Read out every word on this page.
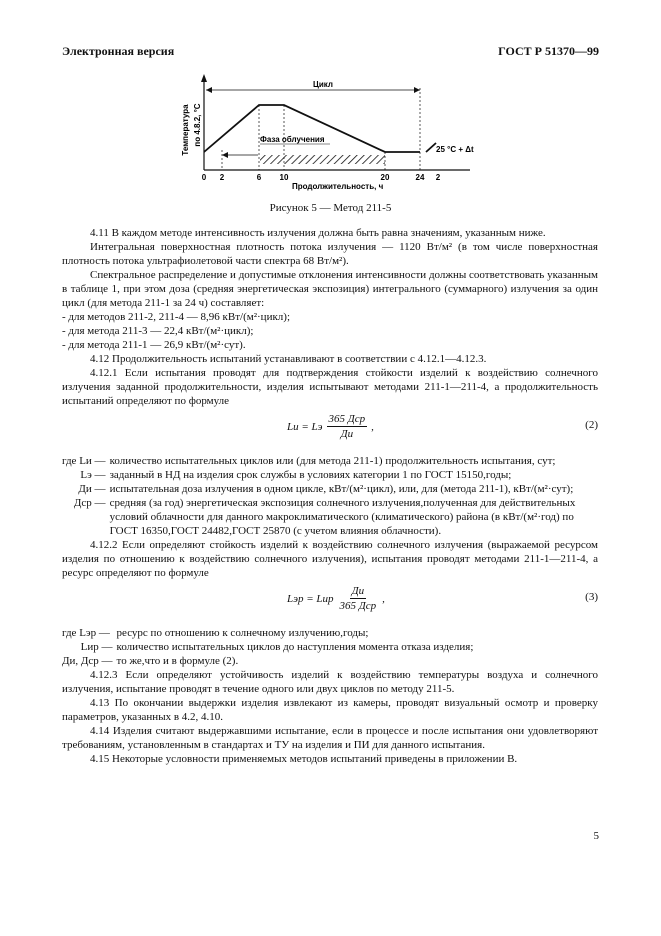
Электронная версия	ГОСТ Р 51370—99
Температура по 4.8.2, °С
Цикл
Фаза облучения
25 °С + Δt
0 2	6 10	20	24 2
Продолжительность, ч
Рисунок 5 — Метод 211-5

4.11 В каждом методе интенсивность излучения должна быть равна значениям, указанным ниже.

Интегральная поверхностная плотность потока излучения — 1120 Вт/м² (в том числе поверхностная плотность потока ультрафиолетовой части спектра 68 Вт/м²).

Спектральное распределение и допустимые отклонения интенсивности должны соответствовать указанным в таблице 1, при этом доза (средняя энергетическая экспозиция) интегрального (суммарного) излучения за один цикл (для метода 211-1 за 24 ч) составляет:

- для методов 211-2, 211-4 — 8,96 кВт/(м²·цикл);

- для метода 211-3 — 22,4 кВт/(м²·цикл);

- для метода 211-1 — 26,9 кВт/(м²·сут).

4.12 Продолжительность испытаний устанавливают в соответствии с 4.12.1—4.12.3.

4.12.1 Если испытания проводят для подтверждения стойкости изделий к воздействию солнечного излучения заданной продолжительности, изделия испытывают методами 211-1—211-4, а продолжительность испытаний определяют по формуле

Lи = Lэ $\frac{\text{365 Дср}}{Ди}$ ,	(2)
где Lи — количество испытательных циклов или (для метода 211-1) продолжительность испытания, сут;
Lэ — заданный в НД на изделия срок службы в условиях категории 1 по ГОСТ 15150,годы;
Ди — испытательная доза излучения в одном цикле, кВт/(м²·цикл), или, для (метода 211-1), кВт/(м²·сут);
Дср — средняя (за год) энергетическая экспозиция солнечного излучения,полученная для действительных условий облачности для данного макроклиматического (климатического) района (в кВт/(м²·год) по ГОСТ 16350,ГОСТ 24482,ГОСТ 25870 (с учетом влияния облачности).

4.12.2 Если определяют стойкость изделий к воздействию солнечного излучения (выражаемой ресурсом изделия по отношению к воздействию солнечного излучения), испытания проводят методами 211-1—211-4, а ресурс определяют по формуле

Lэр = Lир $\frac{Ди}{\text{365 Дср}}$ ,	(3)
где Lэр — ресурс по отношению к солнечному излучению,годы;
Lир — количество испытательных циклов до наступления момента отказа изделия;
Ди, Дср — то же,что и в формуле (2).

4.12.3 Если определяют устойчивость изделий к воздействию температуры воздуха и солнечного излучения, испытание проводят в течение одного или двух циклов по методу 211-5.

4.13 По окончании выдержки изделия извлекают из камеры, проводят визуальный осмотр и проверку параметров, указанных в 4.2, 4.10.

4.14 Изделия считают выдержавшими испытание, если в процессе и после испытания они удовлетворяют требованиям, установленным в стандартах и ТУ на изделия и ПИ для данного испытания.

4.15 Некоторые условности применяемых методов испытаний приведены в приложении В.

5
